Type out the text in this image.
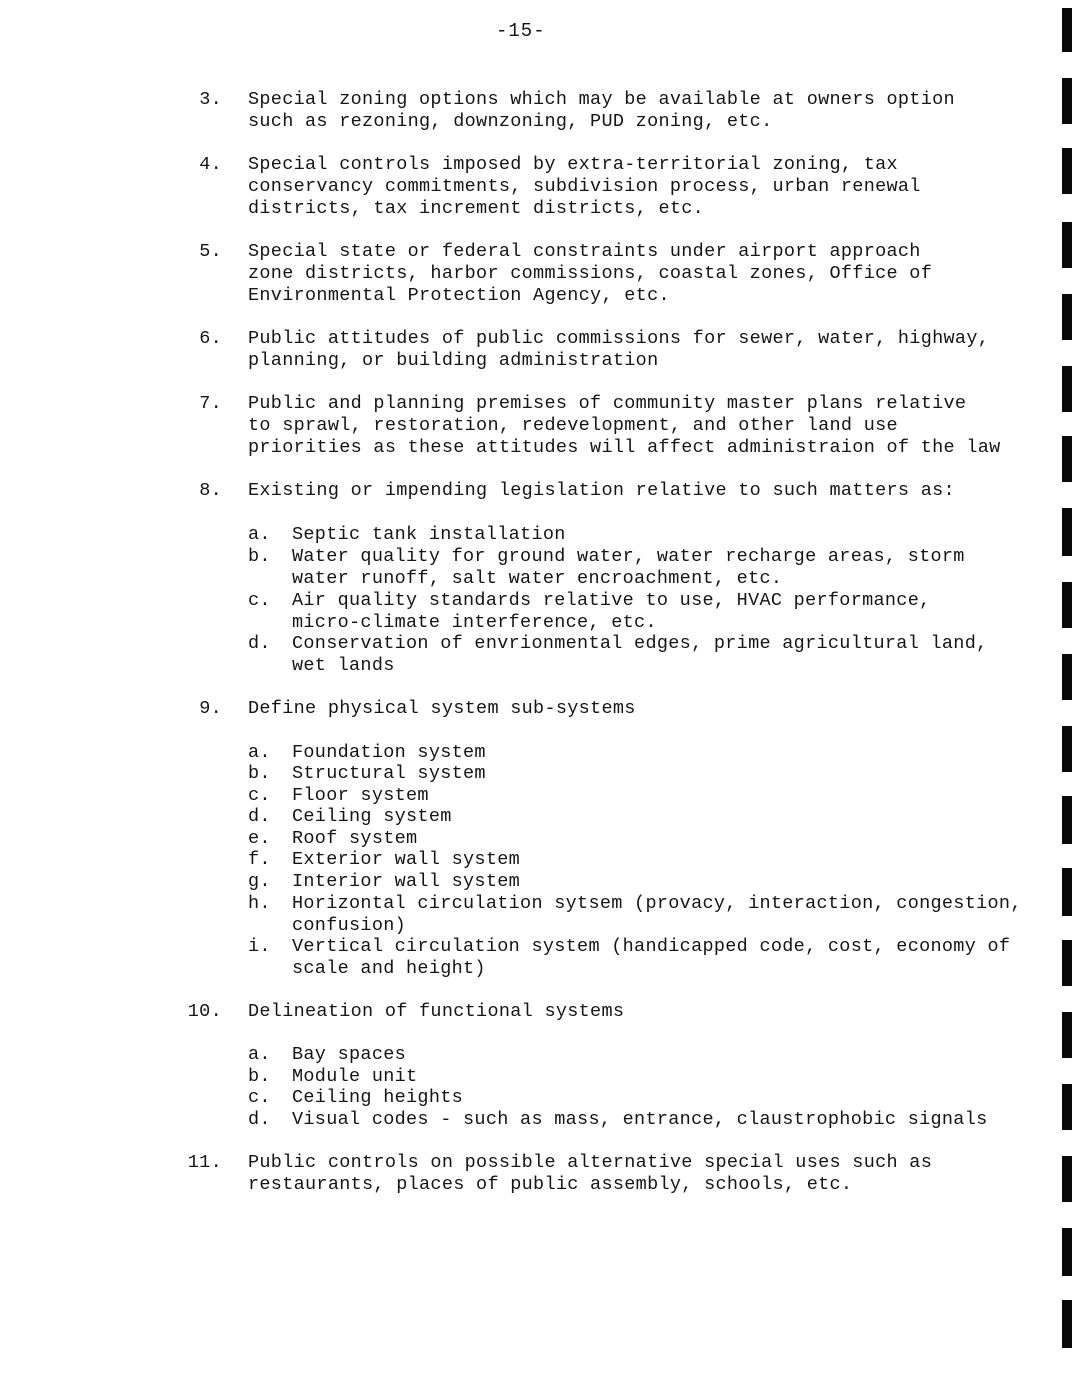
-15-
3. Special zoning options which may be available at owners option
such as rezoning, downzoning, PUD zoning, etc.
4. Special controls imposed by extra-territorial zoning, tax
conservancy commitments, subdivision process, urban renewal
districts, tax increment districts, etc.
5. Special state or federal constraints under airport approach
zone districts, harbor commissions, coastal zones, Office of
Environmental Protection Agency, etc.
6. Public attitudes of public commissions for sewer, water, highway,
planning, or building administration
7. Public and planning premises of community master plans relative
to sprawl, restoration, redevelopment, and other land use
priorities as these attitudes will affect administraion of the law
8. Existing or impending legislation relative to such matters as:
a. Septic tank installation
b. Water quality for ground water, water recharge areas, storm
water runoff, salt water encroachment, etc.
c. Air quality standards relative to use, HVAC performance,
micro-climate interference, etc.
d. Conservation of envrionmental edges, prime agricultural land,
wet lands
9. Define physical system sub-systems
a. Foundation system
b. Structural system
c. Floor system
d. Ceiling system
e. Roof system
f. Exterior wall system
g. Interior wall system
h. Horizontal circulation sytsem (provacy, interaction, congestion,
confusion)
i. Vertical circulation system (handicapped code, cost, economy of
scale and height)
10. Delineation of functional systems
a. Bay spaces
b. Module unit
c. Ceiling heights
d. Visual codes - such as mass, entrance, claustrophobic signals
11. Public controls on possible alternative special uses such as
restaurants, places of public assembly, schools, etc.
